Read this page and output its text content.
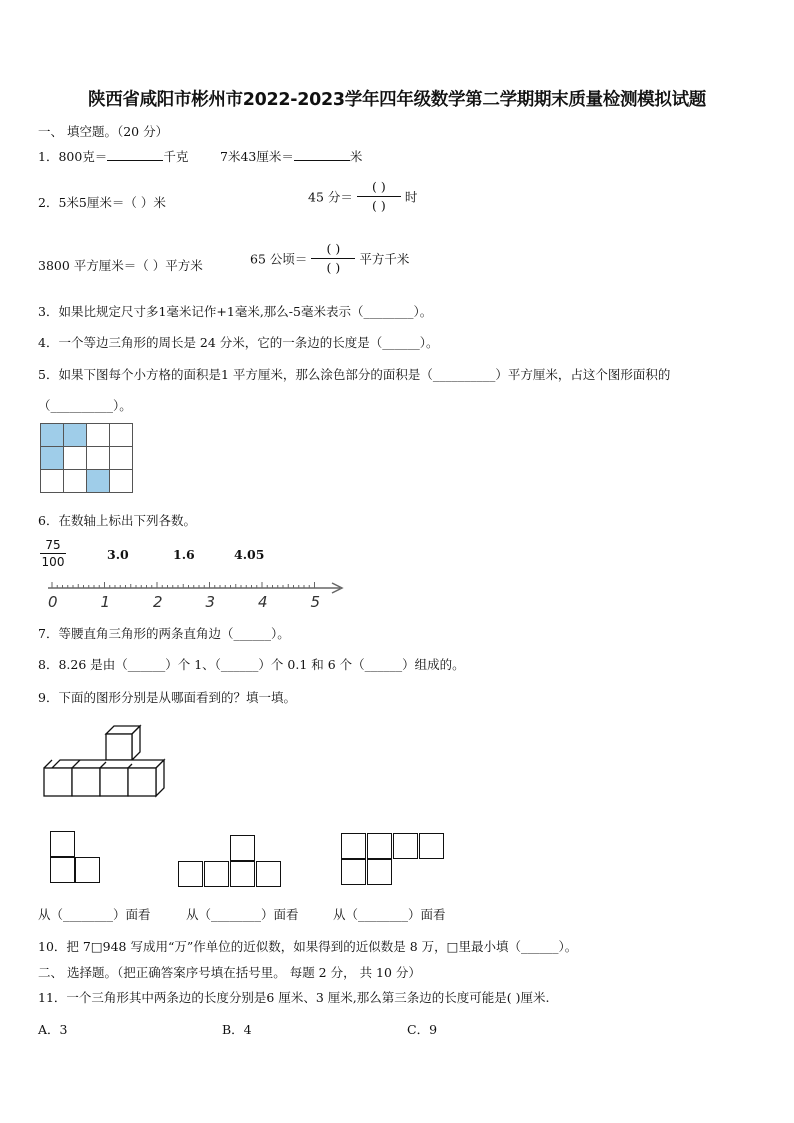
陕西省咸阳市彬州市2022-2023学年四年级数学第二学期期末质量检测模拟试题
一、 填空题。（20 分）
1．800克＝	千克	7米43厘米＝	米
2．5米5厘米＝（ ）米	45 分＝ $\frac{( )}{( )}$ 时
3800 平方厘米＝（ ）平方米	65 公顷＝ $\frac{( )}{( )}$ 平方千米
3．如果比规定尺寸多1毫米记作+1毫米,那么-5毫米表示（________）。
4．一个等边三角形的周长是 24 分米，它的一条边的长度是（______）。
5．如果下图每个小方格的面积是1 平方厘米，那么涂色部分的面积是（__________）平方厘米，占这个图形面积的
（__________）。

6．在数轴上标出下列各数。
75
100	3.0	1.6	4.05
0	1	2	3	4	5
7．等腰直角三角形的两条直角边（______）。
8．8.26 是由（______）个 1、（______）个 0.1 和 6 个（______）组成的。
9．下面的图形分别是从哪面看到的？填一填。
从（________）面看	从（________）面看	从（________）面看
10．把 7□948 写成用“万”作单位的近似数，如果得到的近似数是 8 万，□里最小填（______）。
二、 选择题。（把正确答案序号填在括号里。 每题 2 分， 共 10 分）
11．一个三角形其中两条边的长度分别是6 厘米、3 厘米,那么第三条边的长度可能是( )厘米.
A．3	B．4	C．9
